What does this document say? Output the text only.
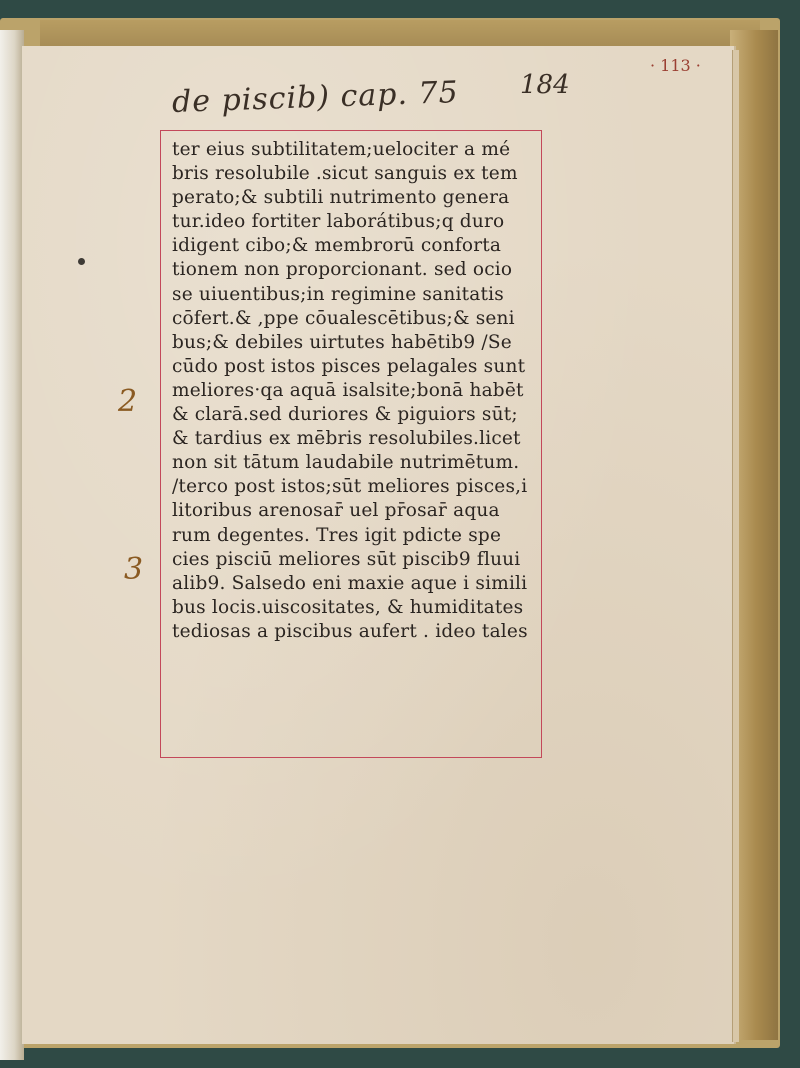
de piscib) cap. 75 184
· 113 ·
2
3
ter eius subtilitatem;uelociter a mé
bris resolubile .sicut sanguis ex tem
perato;& subtili nutrimento genera
tur.ideo fortiter laborátibus;q duro
idigent cibo;& membrorū conforta
tionem non proporcionant. sed ocio
se uiuentibus;in regimine sanitatis
cōfert.& ,ppe cōualescētibus;& seni
bus;& debiles uirtutes habētib9 /Se
cūdo post istos pisces pelagales sunt
meliores·qa aquā isalsite;bonā habēt
& clarā.sed duriores & piguiors sūt;
& tardius ex mēbris resolubiles.licet
non sit tātum laudabile nutrimētum.
/terco post istos;sūt meliores pisces,i
litoribus arenosar̄ uel pr̄osar̄ aqua
rum degentes. Tres igit pdicte spe
cies pisciū meliores sūt piscib9 fluui
alib9. Salsedo eni maxie aque i simili
bus locis.uiscositates, & humiditates
tediosas a piscibus aufert . ideo tales
